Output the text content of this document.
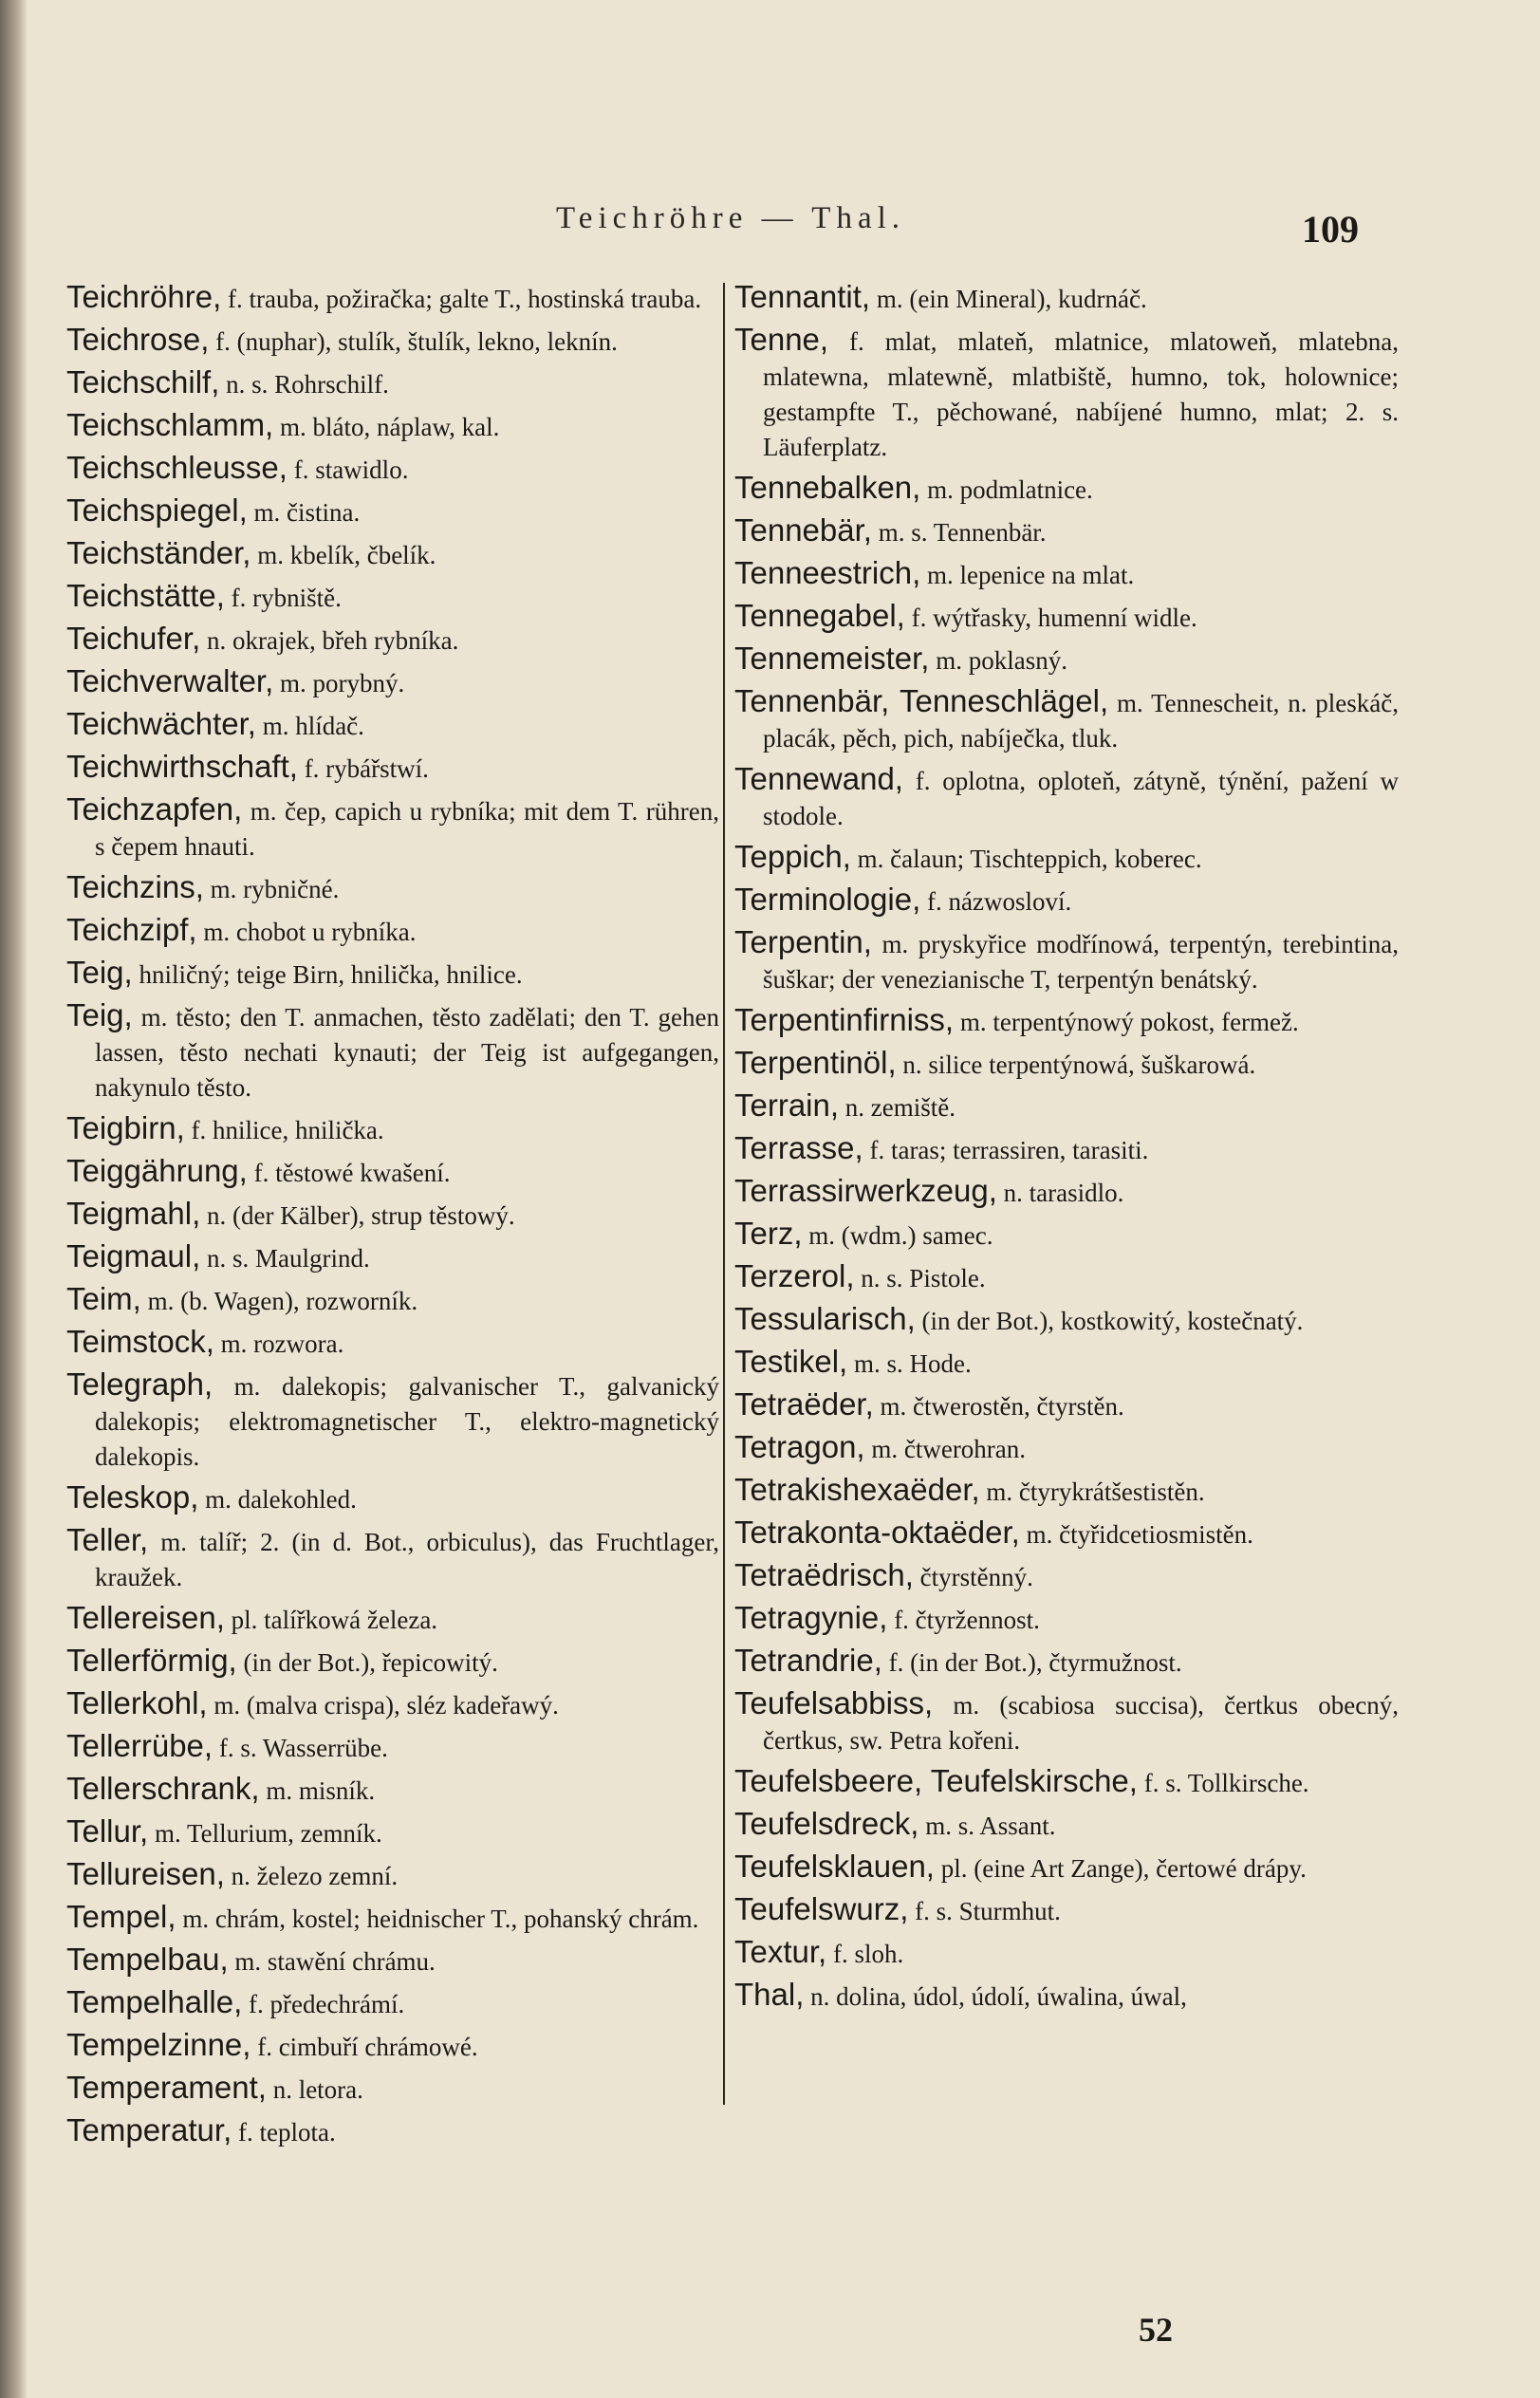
Teichröhre — Thal.	109
Teichröhre, f. trauba, požiračka; galte T., hostinská trauba.
Teichrose, f. (nuphar), stulík, štulík, lekno, leknín.
Teichschilf, n. s. Rohrschilf.
Teichschlamm, m. bláto, náplaw, kal.
Teichschleusse, f. stawidlo.
Teichspiegel, m. čistina.
Teichständer, m. kbelík, čbelík.
Teichstätte, f. rybniště.
Teichufer, n. okrajek, břeh rybníka.
Teichverwalter, m. porybný.
Teichwächter, m. hlídač.
Teichwirthschaft, f. rybářstwí.
Teichzapfen, m. čep, capich u rybníka; mit dem T. rühren, s čepem hnauti.
Teichzins, m. rybničné.
Teichzipf, m. chobot u rybníka.
Teig, hniličný; teige Birn, hnilička, hnilice.
Teig, m. těsto; den T. anmachen, těsto zadělati; den T. gehen lassen, těsto nechati kynauti; der Teig ist aufgegangen, nakynulo těsto.
Teigbirn, f. hnilice, hnilička.
Teiggährung, f. těstowé kwašení.
Teigmahl, n. (der Kälber), strup těstowý.
Teigmaul, n. s. Maulgrind.
Teim, m. (b. Wagen), rozworník.
Teimstock, m. rozwora.
Telegraph, m. dalekopis; galvanischer T., galvanický dalekopis; elektromagnetischer T., elektro-magnetický dalekopis.
Teleskop, m. dalekohled.
Teller, m. talíř; 2. (in d. Bot., orbiculus), das Fruchtlager, kraužek.
Tellereisen, pl. talířkowá železa.
Tellerförmig, (in der Bot.), řepicowitý.
Tellerkohl, m. (malva crispa), sléz kadeřawý.
Tellerrübe, f. s. Wasserrübe.
Tellerschrank, m. misník.
Tellur, m. Tellurium, zemník.
Tellureisen, n. železo zemní.
Tempel, m. chrám, kostel; heidnischer T., pohanský chrám.
Tempelbau, m. stawění chrámu.
Tempelhalle, f. předechrámí.
Tempelzinne, f. cimbuří chrámowé.
Temperament, n. letora.
Temperatur, f. teplota.
Tennantit, m. (ein Mineral), kudrnáč.
Tenne, f. mlat, mlateň, mlatnice, mlatoweň, mlatebna, mlatewna, mlatewně, mlatbiště, humno, tok, holownice; gestampfte T., pěchowané, nabíjené humno, mlat; 2. s. Läuferplatz.
Tennebalken, m. podmlatnice.
Tennebär, m. s. Tennenbär.
Tenneestrich, m. lepenice na mlat.
Tennegabel, f. wýtřasky, humenní widle.
Tennemeister, m. poklasný.
Tennenbär, Tenneschlägel, m. Tennescheit, n. pleskáč, placák, pěch, pich, nabíječka, tluk.
Tennewand, f. oplotna, oploteň, zátyně, týnění, pažení w stodole.
Teppich, m. čalaun; Tischteppich, koberec.
Terminologie, f. názwosloví.
Terpentin, m. pryskyřice modřínowá, terpentýn, terebintina, šuškar; der venezianische T, terpentýn benátský.
Terpentinfirniss, m. terpentýnowý pokost, fermež.
Terpentinöl, n. silice terpentýnowá, šuškarowá.
Terrain, n. zemiště.
Terrasse, f. taras; terrassiren, tarasiti.
Terrassirwerkzeug, n. tarasidlo.
Terz, m. (wdm.) samec.
Terzerol, n. s. Pistole.
Tessularisch, (in der Bot.), kostkowitý, kostečnatý.
Testikel, m. s. Hode.
Tetraëder, m. čtwerostěn, čtyrstěn.
Tetragon, m. čtwerohran.
Tetrakishexaëder, m. čtyrykrátšestistěn.
Tetrakonta-oktaëder, m. čtyřidcetiosmistěn.
Tetraëdrisch, čtyrstěnný.
Tetragynie, f. čtyržennost.
Tetrandrie, f. (in der Bot.), čtyrmužnost.
Teufelsabbiss, m. (scabiosa succisa), čertkus obecný, čertkus, sw. Petra kořeni.
Teufelsbeere, Teufelskirsche, f. s. Tollkirsche.
Teufelsdreck, m. s. Assant.
Teufelsklauen, pl. (eine Art Zange), čertowé drápy.
Teufelswurz, f. s. Sturmhut.
Textur, f. sloh.
Thal, n. dolina, údol, údolí, úwalina, úwal,
52
